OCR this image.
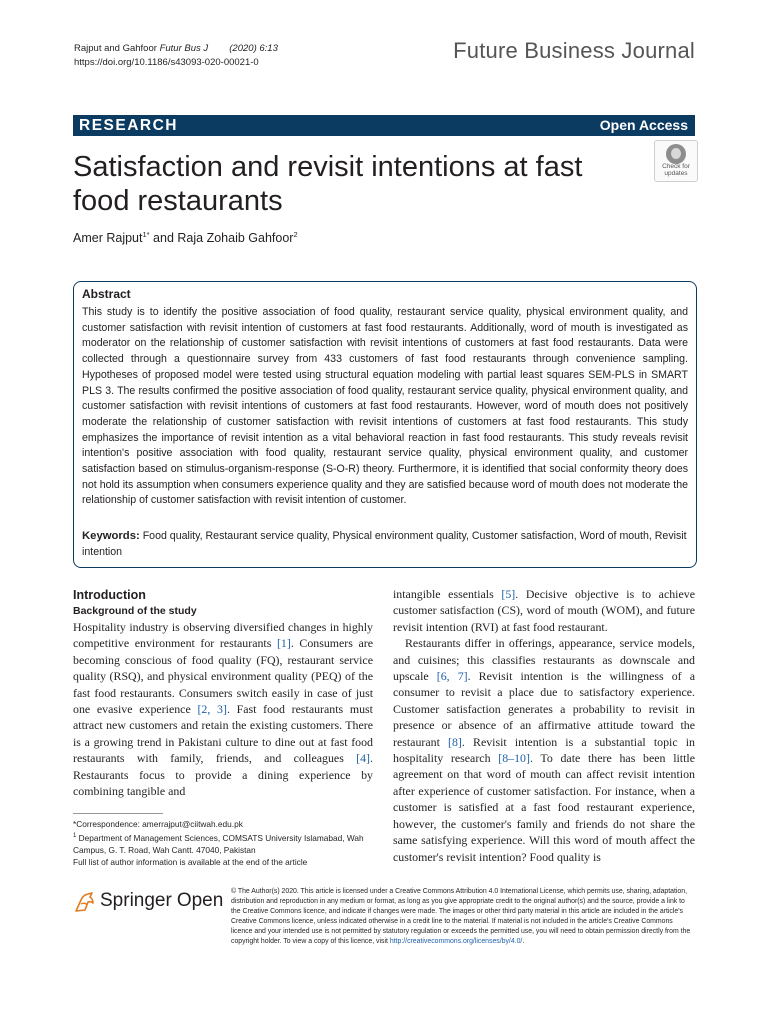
Rajput and Gahfoor Futur Bus J (2020) 6:13
https://doi.org/10.1186/s43093-020-00021-0	Future Business Journal
RESEARCH	Open Access
Satisfaction and revisit intentions at fast food restaurants
Check for updates
Amer Rajput$^{1*}$ and Raja Zohaib Gahfoor$^2$
Abstract
This study is to identify the positive association of food quality, restaurant service quality, physical environment quality, and customer satisfaction with revisit intention of customers at fast food restaurants. Additionally, word of mouth is investigated as moderator on the relationship of customer satisfaction with revisit intentions of customers at fast food restaurants. Data were collected through a questionnaire survey from 433 customers of fast food restaurants through convenience sampling. Hypotheses of proposed model were tested using structural equation modeling with partial least squares SEM-PLS in SMART PLS 3. The results confirmed the positive association of food quality, restaurant service quality, physical environment quality, and customer satisfaction with revisit intentions of customers at fast food restaurants. However, word of mouth does not positively moderate the relationship of customer satisfaction with revisit intentions of customers at fast food restaurants. This study emphasizes the importance of revisit intention as a vital behavioral reaction in fast food restaurants. This study reveals revisit intention's positive association with food quality, restaurant service quality, physical environment quality, and customer satisfaction based on stimulus-organism-response (S-O-R) theory. Furthermore, it is identified that social conformity theory does not hold its assumption when consumers experience quality and they are satisfied because word of mouth does not moderate the relationship of customer satisfaction with revisit intention of customer.
Keywords: Food quality, Restaurant service quality, Physical environment quality, Customer satisfaction, Word of mouth, Revisit intention
Introduction
Background of the study
Hospitality industry is observing diversified changes in highly competitive environment for restaurants [1]. Consumers are becoming conscious of food quality (FQ), restaurant service quality (RSQ), and physical environment quality (PEQ) of the fast food restaurants. Consumers switch easily in case of just one evasive experience [2, 3]. Fast food restaurants must attract new customers and retain the existing customers. There is a growing trend in Pakistani culture to dine out at fast food restaurants with family, friends, and colleagues [4]. Restaurants focus to provide a dining experience by combining tangible and
intangible essentials [5]. Decisive objective is to achieve customer satisfaction (CS), word of mouth (WOM), and future revisit intention (RVI) at fast food restaurant.
Restaurants differ in offerings, appearance, service models, and cuisines; this classifies restaurants as downscale and upscale [6, 7]. Revisit intention is the willingness of a consumer to revisit a place due to satisfactory experience. Customer satisfaction generates a probability to revisit in presence or absence of an affirmative attitude toward the restaurant [8]. Revisit intention is a substantial topic in hospitality research [8–10]. To date there has been little agreement on that word of mouth can affect revisit intention after experience of customer satisfaction. For instance, when a customer is satisfied at a fast food restaurant experience, however, the customer's family and friends do not share the same satisfying experience. Will this word of mouth affect the customer's revisit intention? Food quality is
*Correspondence: amerrajput@ciitwah.edu.pk
$^1$ Department of Management Sciences, COMSATS University Islamabad, Wah Campus, G. T. Road, Wah Cantt. 47040, Pakistan
Full list of author information is available at the end of the article
Springer Open © The Author(s) 2020. This article is licensed under a Creative Commons Attribution 4.0 International License, which permits use, sharing, adaptation, distribution and reproduction in any medium or format, as long as you give appropriate credit to the original author(s) and the source, provide a link to the Creative Commons licence, and indicate if changes were made. The images or other third party material in this article are included in the article's Creative Commons licence, unless indicated otherwise in a credit line to the material. If material is not included in the article's Creative Commons licence and your intended use is not permitted by statutory regulation or exceeds the permitted use, you will need to obtain permission directly from the copyright holder. To view a copy of this licence, visit http://creativecommons.org/licenses/by/4.0/.
